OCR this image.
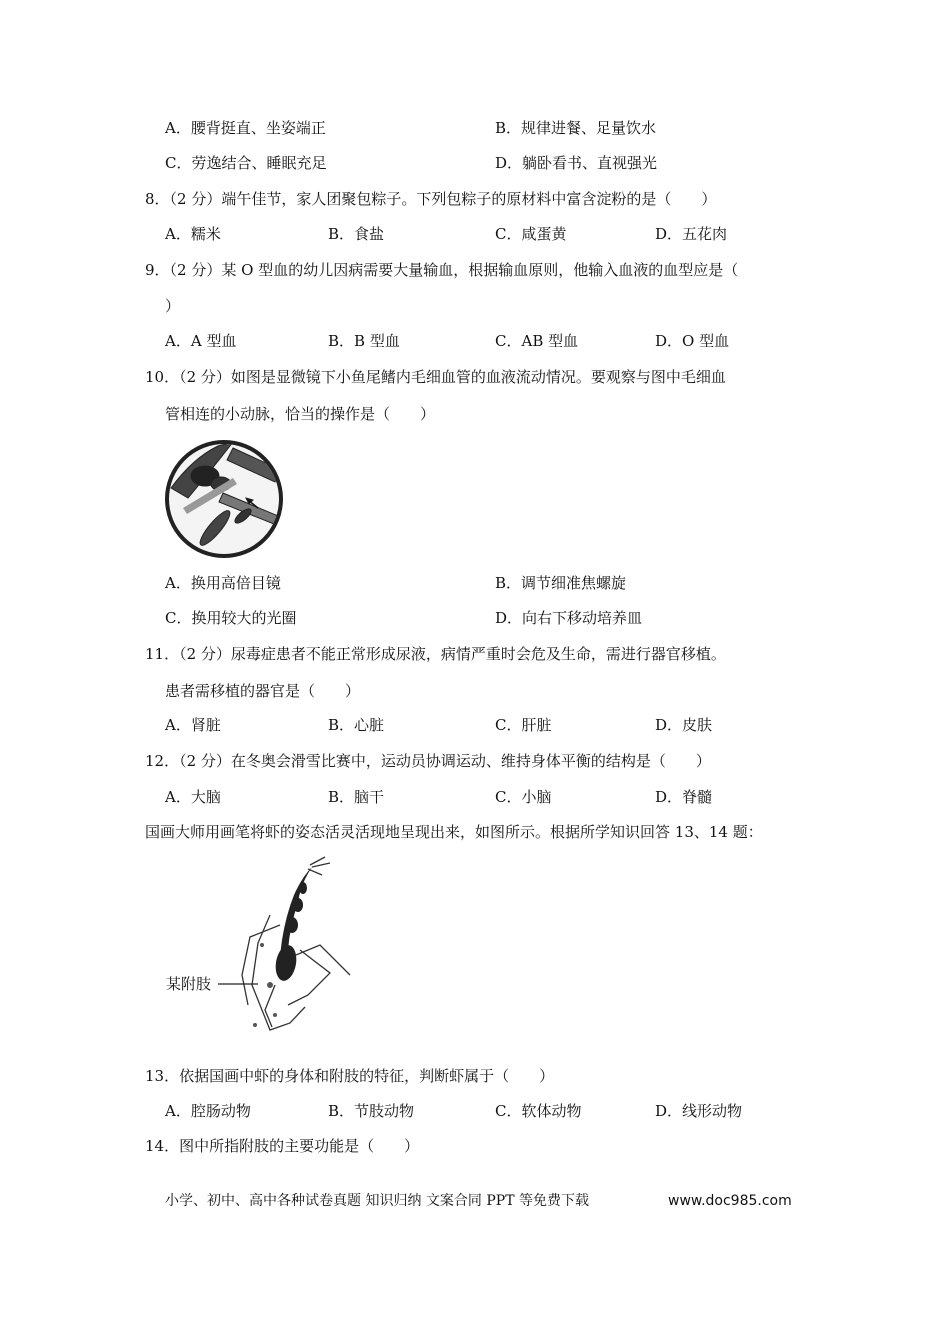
A．腰背挺直、坐姿端正	B．规律进餐、足量饮水
C．劳逸结合、睡眠充足	D．躺卧看书、直视强光
8．（2 分）端午佳节，家人团聚包粽子。下列包粽子的原材料中富含淀粉的是（　　）
A．糯米	B．食盐	C．咸蛋黄	D．五花肉
9．（2 分）某 O 型血的幼儿因病需要大量输血，根据输血原则，他输入血液的血型应是（
）
A．A 型血	B．B 型血	C．AB 型血	D．O 型血
10．（2 分）如图是显微镜下小鱼尾鳍内毛细血管的血液流动情况。要观察与图中毛细血
管相连的小动脉，恰当的操作是（　　）
A．换用高倍目镜	B．调节细准焦螺旋
C．换用较大的光圈	D．向右下移动培养皿
11．（2 分）尿毒症患者不能正常形成尿液，病情严重时会危及生命，需进行器官移植。
患者需移植的器官是（　　）
A．肾脏	B．心脏	C．肝脏	D．皮肤
12．（2 分）在冬奥会滑雪比赛中，运动员协调运动、维持身体平衡的结构是（　　）
A．大脑	B．脑干	C．小脑	D．脊髓
国画大师用画笔将虾的姿态活灵活现地呈现出来，如图所示。根据所学知识回答 13、14 题：
某附肢
13．依据国画中虾的身体和附肢的特征，判断虾属于（　　）
A．腔肠动物	B．节肢动物	C．软体动物	D．线形动物
14．图中所指附肢的主要功能是（　　）
小学、初中、高中各种试卷真题 知识归纳 文案合同 PPT 等免费下载	www.doc985.com
